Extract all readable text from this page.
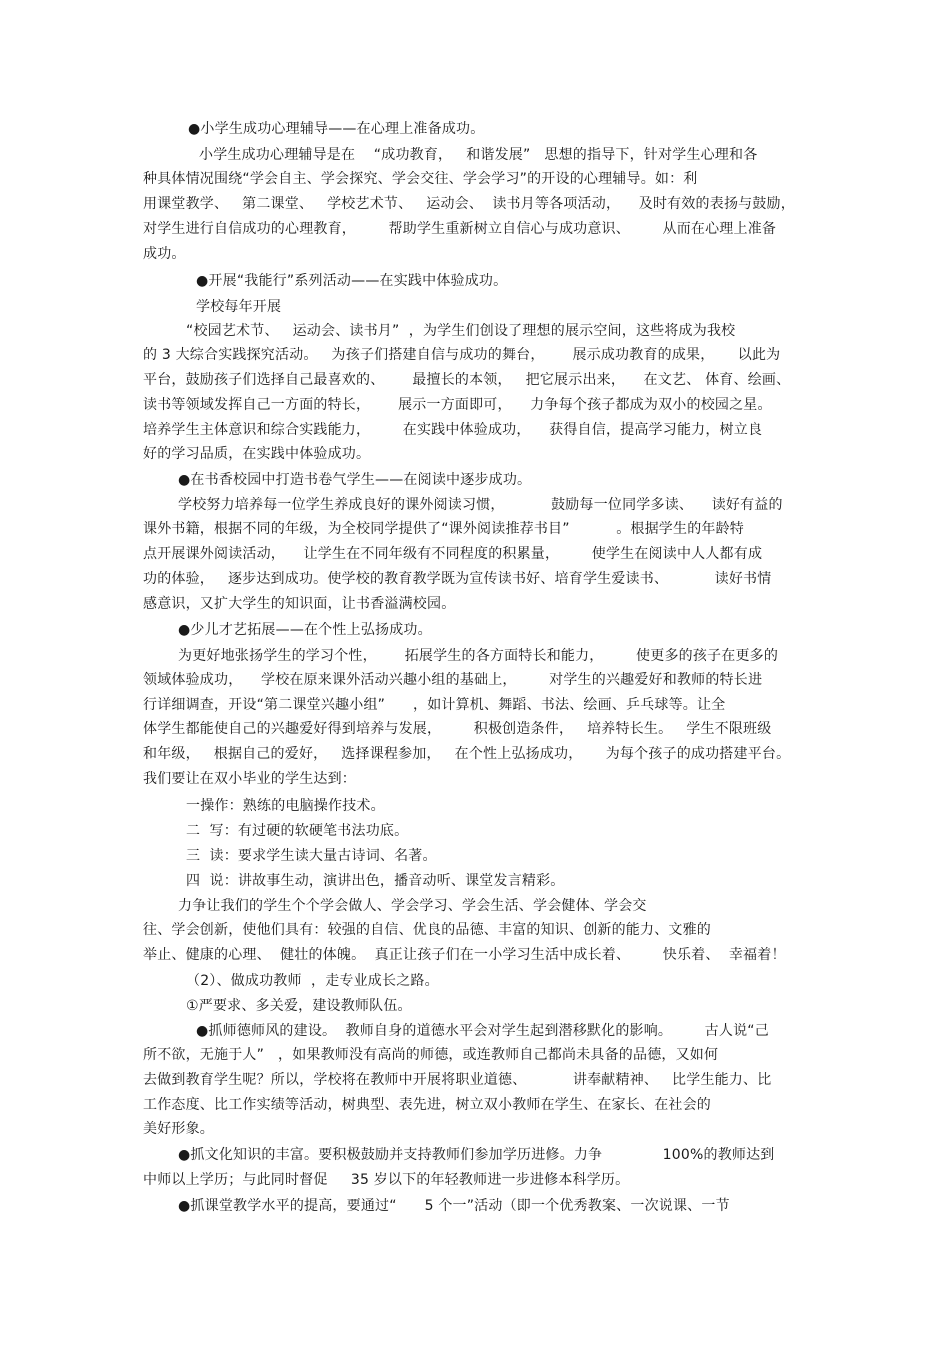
●小学生成功心理辅导——在心理上准备成功。
小学生成功心理辅导是在    “成功教育，   和谐发展”   思想的指导下，针对学生心理和各
种具体情况围绕“学会自主、学会探究、学会交往、学会学习”的开设的心理辅导。如：利
用课堂教学、   第二课堂、   学校艺术节、   运动会、  读书月等各项活动，    及时有效的表扬与鼓励，
对学生进行自信成功的心理教育，       帮助学生重新树立自信心与成功意识、       从而在心理上准备
成功。
●开展“我能行”系列活动——在实践中体验成功。
学校每年开展
“校园艺术节、   运动会、读书月”  ，为学生们创设了理想的展示空间，这些将成为我校
的 3 大综合实践探究活动。   为孩子们搭建自信与成功的舞台，      展示成功教育的成果，     以此为
平台，鼓励孩子们选择自己最喜欢的、      最擅长的本领，   把它展示出来，    在文艺、 体育、绘画、
读书等领域发挥自己一方面的特长，      展示一方面即可，    力争每个孩子都成为双小的校园之星。
培养学生主体意识和综合实践能力，       在实践中体验成功，    获得自信，提高学习能力，树立良
好的学习品质，在实践中体验成功。
●在书香校园中打造书卷气学生——在阅读中逐步成功。
学校努力培养每一位学生养成良好的课外阅读习惯，          鼓励每一位同学多读、    读好有益的
课外书籍，根据不同的年级，为全校同学提供了“课外阅读推荐书目”          。根据学生的年龄特
点开展课外阅读活动，    让学生在不同年级有不同程度的积累量，       使学生在阅读中人人都有成
功的体验，   逐步达到成功。使学校的教育教学既为宣传读书好、培育学生爱读书、          读好书情
感意识，又扩大学生的知识面，让书香溢满校园。
●少儿才艺拓展——在个性上弘扬成功。
为更好地张扬学生的学习个性，      拓展学生的各方面特长和能力，       使更多的孩子在更多的
领域体验成功，    学校在原来课外活动兴趣小组的基础上，       对学生的兴趣爱好和教师的特长进
行详细调查，开设“第二课堂兴趣小组”      ，如计算机、舞蹈、书法、绘画、乒乓球等。让全
体学生都能使自己的兴趣爱好得到培养与发展，       积极创造条件，   培养特长生。   学生不限班级
和年级，   根据自己的爱好，   选择课程参加，   在个性上弘扬成功，     为每个孩子的成功搭建平台。
我们要让在双小毕业的学生达到：
一操作：熟练的电脑操作技术。
二  写：有过硬的软硬笔书法功底。
三  读：要求学生读大量古诗词、名著。
四  说：讲故事生动，演讲出色，播音动听、课堂发言精彩。
力争让我们的学生个个学会做人、学会学习、学会生活、学会健体、学会交
往、学会创新，使他们具有：较强的自信、优良的品德、丰富的知识、创新的能力、文雅的
举止、健康的心理、  健壮的体魄。  真正让孩子们在一小学习生活中成长着、       快乐着、  幸福着！
（2）、做成功教师  ，走专业成长之路。
①严要求、多关爱，建设教师队伍。
●抓师德师风的建设。  教师自身的道德水平会对学生起到潜移默化的影响。       古人说“己
所不欲，无施于人”   ，如果教师没有高尚的师德，或连教师自己都尚未具备的品德，又如何
去做到教育学生呢？所以，学校将在教师中开展将职业道德、          讲奉献精神、   比学生能力、比
工作态度、比工作实绩等活动，树典型、表先进，树立双小教师在学生、在家长、在社会的
美好形象。
●抓文化知识的丰富。要积极鼓励并支持教师们参加学历进修。力争             100%的教师达到
中师以上学历；与此同时督促     35 岁以下的年轻教师进一步进修本科学历。
●抓课堂教学水平的提高，要通过“      5 个一”活动（即一个优秀教案、一次说课、一节
